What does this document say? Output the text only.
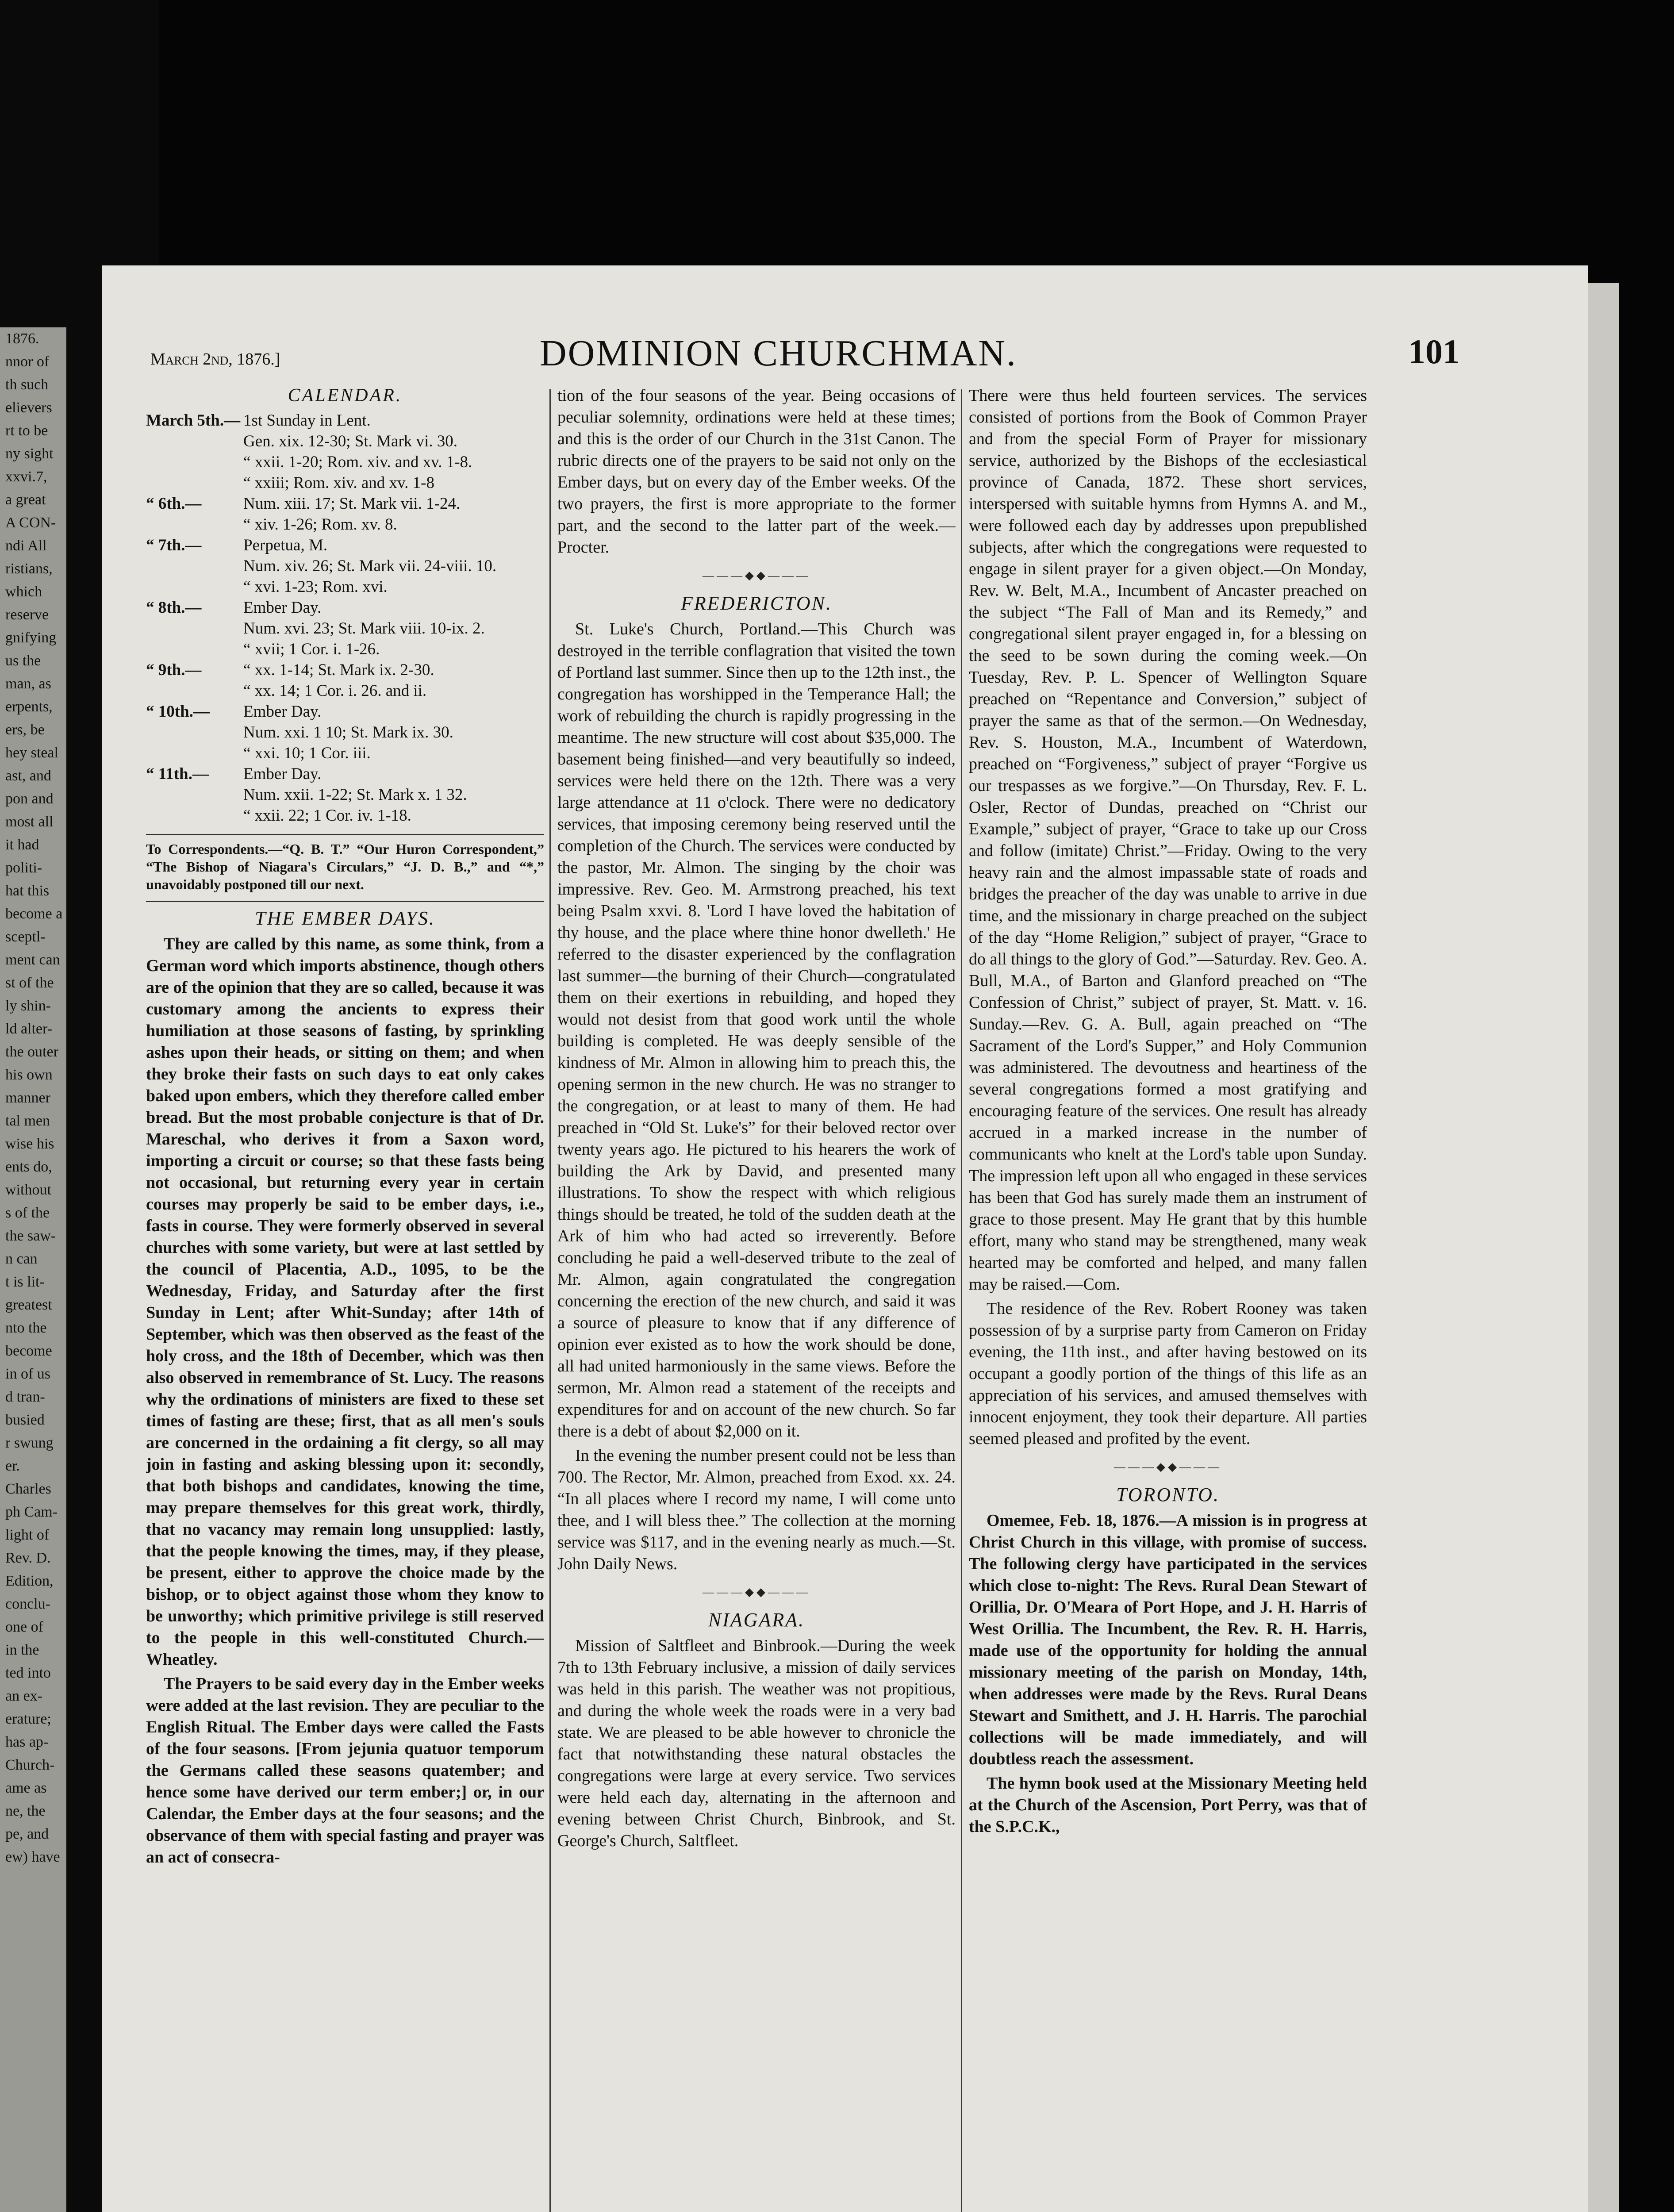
1876.
nnor of
th such
elievers
rt to be
ny sight
xxvi.7,
a great
A CON-
ndi All
ristians,
which
reserve
gnifying
us the
man, as
erpents,
ers, be
hey steal
ast, and
pon and
most all
it had
politi-
hat this
become a
sceptl-
ment can
st of the
ly shin-
ld alter-
the outer
his own
manner
tal men
wise his
ents do,
without
s of the
the saw-
n can
t is lit-
greatest
nto the
become
in of us
d tran-
busied
r swung
er.
Charles
ph Cam-
light of
Rev. D.
Edition,
conclu-
one of
in the
ted into
an ex-
erature;
has ap-
Church-
ame as
ne, the
pe, and
ew) have
March 2nd, 1876.]	DOMINION CHURCHMAN.	101
CALENDAR.
March 5th.— 1st Sunday in Lent.
Gen. xix. 12-30; St. Mark vi. 30.
“ xxii. 1-20; Rom. xiv. and xv. 1-8.
“ xxiii; Rom. xiv. and xv. 1-8
“ 6th.—	Num. xiii. 17; St. Mark vii. 1-24.
“ xiv. 1-26; Rom. xv. 8.
“ 7th.—	Perpetua, M.
Num. xiv. 26; St. Mark vii. 24-viii. 10.
“ xvi. 1-23; Rom. xvi.
“ 8th.—	Ember Day.
Num. xvi. 23; St. Mark viii. 10-ix. 2.
“ xvii; 1 Cor. i. 1-26.
“ 9th.—	“ xx. 1-14; St. Mark ix. 2-30.
“ xx. 14; 1 Cor. i. 26. and ii.
“ 10th.—	Ember Day.
Num. xxi. 1 10; St. Mark ix. 30.
“ xxi. 10; 1 Cor. iii.
“ 11th.—	Ember Day.
Num. xxii. 1-22; St. Mark x. 1 32.
“ xxii. 22; 1 Cor. iv. 1-18.
To Correspondents.—“Q. B. T.” “Our Huron Correspondent,” “The Bishop of Niagara's Circulars,” “J. D. B.,” and “*,” unavoidably postponed till our next.
THE EMBER DAYS.

They are called by this name, as some think, from a German word which imports abstinence, though others are of the opinion that they are so called, because it was customary among the ancients to express their humiliation at those seasons of fasting, by sprinkling ashes upon their heads, or sitting on them; and when they broke their fasts on such days to eat only cakes baked upon embers, which they therefore called ember bread. But the most probable conjecture is that of Dr. Mareschal, who derives it from a Saxon word, importing a circuit or course; so that these fasts being not occasional, but returning every year in certain courses may properly be said to be ember days, i.e., fasts in course. They were formerly observed in several churches with some variety, but were at last settled by the council of Placentia, A.D., 1095, to be the Wednesday, Friday, and Saturday after the first Sunday in Lent; after Whit-Sunday; after 14th of September, which was then observed as the feast of the holy cross, and the 18th of December, which was then also observed in remembrance of St. Lucy. The reasons why the ordinations of ministers are fixed to these set times of fasting are these; first, that as all men's souls are concerned in the ordaining a fit clergy, so all may join in fasting and asking blessing upon it: secondly, that both bishops and candidates, knowing the time, may prepare themselves for this great work, thirdly, that no vacancy may remain long unsupplied: lastly, that the people knowing the times, may, if they please, be present, either to approve the choice made by the bishop, or to object against those whom they know to be unworthy; which primitive privilege is still reserved to the people in this well-constituted Church.—Wheatley.

The Prayers to be said every day in the Ember weeks were added at the last revision. They are peculiar to the English Ritual. The Ember days were called the Fasts of the four seasons. [From jejunia quatuor temporum the Germans called these seasons quatember; and hence some have derived our term ember;] or, in our Calendar, the Ember days at the four seasons; and the observance of them with special fasting and prayer was an act of consecra-

tion of the four seasons of the year. Being occasions of peculiar solemnity, ordinations were held at these times; and this is the order of our Church in the 31st Canon. The rubric directs one of the prayers to be said not only on the Ember days, but on every day of the Ember weeks. Of the two prayers, the first is more appropriate to the former part, and the second to the latter part of the week.—Procter.

———◆◆———
FREDERICTON.

St. Luke's Church, Portland.—This Church was destroyed in the terrible conflagration that visited the town of Portland last summer. Since then up to the 12th inst., the congregation has worshipped in the Temperance Hall; the work of rebuilding the church is rapidly progressing in the meantime. The new structure will cost about $35,000. The basement being finished—and very beautifully so indeed, services were held there on the 12th. There was a very large attendance at 11 o'clock. There were no dedicatory services, that imposing ceremony being reserved until the completion of the Church. The services were conducted by the pastor, Mr. Almon. The singing by the choir was impressive. Rev. Geo. M. Armstrong preached, his text being Psalm xxvi. 8. 'Lord I have loved the habitation of thy house, and the place where thine honor dwelleth.' He referred to the disaster experienced by the conflagration last summer—the burning of their Church—congratulated them on their exertions in rebuilding, and hoped they would not desist from that good work until the whole building is completed. He was deeply sensible of the kindness of Mr. Almon in allowing him to preach this, the opening sermon in the new church. He was no stranger to the congregation, or at least to many of them. He had preached in “Old St. Luke's” for their beloved rector over twenty years ago. He pictured to his hearers the work of building the Ark by David, and presented many illustrations. To show the respect with which religious things should be treated, he told of the sudden death at the Ark of him who had acted so irreverently. Before concluding he paid a well-deserved tribute to the zeal of Mr. Almon, again congratulated the congregation concerning the erection of the new church, and said it was a source of pleasure to know that if any difference of opinion ever existed as to how the work should be done, all had united harmoniously in the same views. Before the sermon, Mr. Almon read a statement of the receipts and expenditures for and on account of the new church. So far there is a debt of about $2,000 on it.

In the evening the number present could not be less than 700. The Rector, Mr. Almon, preached from Exod. xx. 24. “In all places where I record my name, I will come unto thee, and I will bless thee.” The collection at the morning service was $117, and in the evening nearly as much.—St. John Daily News.

———◆◆———
NIAGARA.

Mission of Saltfleet and Binbrook.—During the week 7th to 13th February inclusive, a mission of daily services was held in this parish. The weather was not propitious, and during the whole week the roads were in a very bad state. We are pleased to be able however to chronicle the fact that notwithstanding these natural obstacles the congregations were large at every service. Two services were held each day, alternating in the afternoon and evening between Christ Church, Binbrook, and St. George's Church, Saltfleet.

There were thus held fourteen services. The services consisted of portions from the Book of Common Prayer and from the special Form of Prayer for missionary service, authorized by the Bishops of the ecclesiastical province of Canada, 1872. These short services, interspersed with suitable hymns from Hymns A. and M., were followed each day by addresses upon prepublished subjects, after which the congregations were requested to engage in silent prayer for a given object.—On Monday, Rev. W. Belt, M.A., Incumbent of Ancaster preached on the subject “The Fall of Man and its Remedy,” and congregational silent prayer engaged in, for a blessing on the seed to be sown during the coming week.—On Tuesday, Rev. P. L. Spencer of Wellington Square preached on “Repentance and Conversion,” subject of prayer the same as that of the sermon.—On Wednesday, Rev. S. Houston, M.A., Incumbent of Waterdown, preached on “Forgiveness,” subject of prayer “Forgive us our trespasses as we forgive.”—On Thursday, Rev. F. L. Osler, Rector of Dundas, preached on “Christ our Example,” subject of prayer, “Grace to take up our Cross and follow (imitate) Christ.”—Friday. Owing to the very heavy rain and the almost impassable state of roads and bridges the preacher of the day was unable to arrive in due time, and the missionary in charge preached on the subject of the day “Home Religion,” subject of prayer, “Grace to do all things to the glory of God.”—Saturday. Rev. Geo. A. Bull, M.A., of Barton and Glanford preached on “The Confession of Christ,” subject of prayer, St. Matt. v. 16. Sunday.—Rev. G. A. Bull, again preached on “The Sacrament of the Lord's Supper,” and Holy Communion was administered. The devoutness and heartiness of the several congregations formed a most gratifying and encouraging feature of the services. One result has already accrued in a marked increase in the number of communicants who knelt at the Lord's table upon Sunday. The impression left upon all who engaged in these services has been that God has surely made them an instrument of grace to those present. May He grant that by this humble effort, many who stand may be strengthened, many weak hearted may be comforted and helped, and many fallen may be raised.—Com.

The residence of the Rev. Robert Rooney was taken possession of by a surprise party from Cameron on Friday evening, the 11th inst., and after having bestowed on its occupant a goodly portion of the things of this life as an appreciation of his services, and amused themselves with innocent enjoyment, they took their departure. All parties seemed pleased and profited by the event.

———◆◆———
TORONTO.

Omemee, Feb. 18, 1876.—A mission is in progress at Christ Church in this village, with promise of success. The following clergy have participated in the services which close to-night: The Revs. Rural Dean Stewart of Orillia, Dr. O'Meara of Port Hope, and J. H. Harris of West Orillia. The Incumbent, the Rev. R. H. Harris, made use of the opportunity for holding the annual missionary meeting of the parish on Monday, 14th, when addresses were made by the Revs. Rural Deans Stewart and Smithett, and J. H. Harris. The parochial collections will be made immediately, and will doubtless reach the assessment.

The hymn book used at the Missionary Meeting held at the Church of the Ascension, Port Perry, was that of the S.P.C.K.,
